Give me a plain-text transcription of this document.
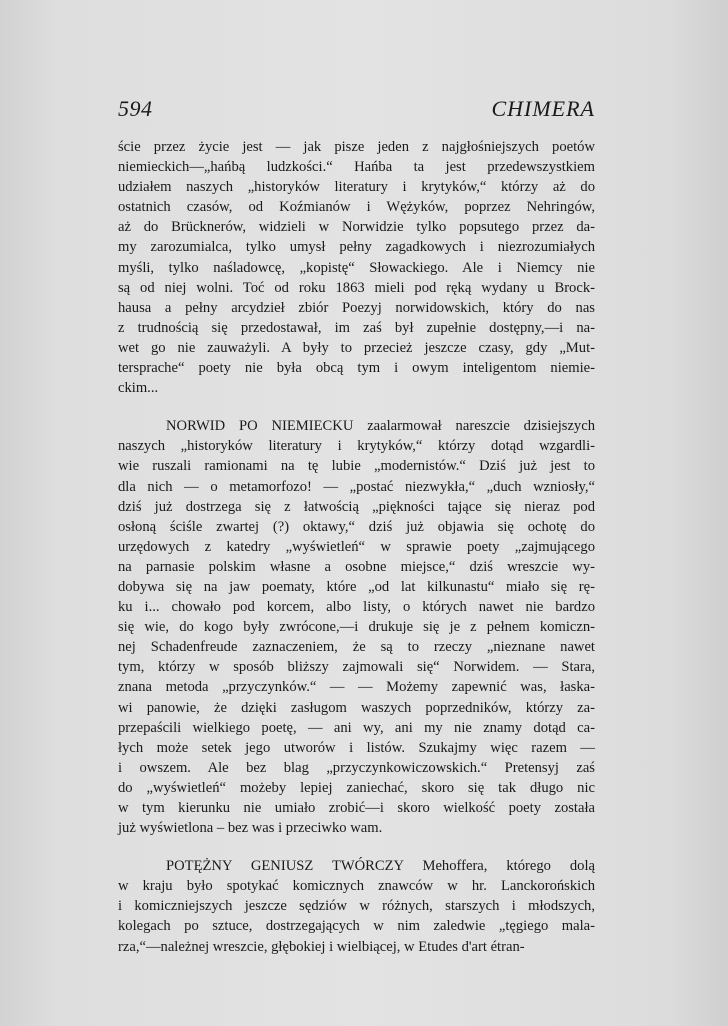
594	CHIMERA
ście przez życie jest — jak pisze jeden z najgłośniejszych poetów
niemieckich—„hańbą ludzkości.“ Hańba ta jest przedewszystkiem
udziałem naszych „historyków literatury i krytyków,“ którzy aż do
ostatnich czasów, od Koźmianów i Wężyków, poprzez Nehringów,
aż do Brücknerów, widzieli w Norwidzie tylko popsutego przez da-
my zarozumialca, tylko umysł pełny zagadkowych i niezrozumiałych
myśli, tylko naśladowcę, „kopistę“ Słowackiego. Ale i Niemcy nie
są od niej wolni. Toć od roku 1863 mieli pod ręką wydany u Brock-
hausa a pełny arcydzieł zbiór Poezyj norwidowskich, który do nas
z trudnością się przedostawał, im zaś był zupełnie dostępny,—i na-
wet go nie zauważyli. A były to przecież jeszcze czasy, gdy „Mut-
tersprache“ poety nie była obcą tym i owym inteligentom niemie-
ckim...
NORWID PO NIEMIECKU zaalarmował nareszcie dzisiejszych
naszych „historyków literatury i krytyków,“ którzy dotąd wzgardli-
wie ruszali ramionami na tę lubie „modernistów.“ Dziś już jest to
dla nich — o metamorfozo! — „postać niezwykła,“ „duch wzniosły,“
dziś już dostrzega się z łatwością „piękności tające się nieraz pod
osłoną ściśle zwartej (?) oktawy,“ dziś już objawia się ochotę do
urzędowych z katedry „wyświetleń“ w sprawie poety „zajmującego
na parnasie polskim własne a osobne miejsce,“ dziś wreszcie wy-
dobywa się na jaw poematy, które „od lat kilkunastu“ miało się rę-
ku i... chowało pod korcem, albo listy, o których nawet nie bardzo
się wie, do kogo były zwrócone,—i drukuje się je z pełnem komiczn-
nej Schadenfreude zaznaczeniem, że są to rzeczy „nieznane nawet
tym, którzy w sposób bliższy zajmowali się“ Norwidem. — Stara,
znana metoda „przyczynków.“ — — Możemy zapewnić was, łaska-
wi panowie, że dzięki zasługom waszych poprzedników, którzy za-
przepaścili wielkiego poetę, — ani wy, ani my nie znamy dotąd ca-
łych może setek jego utworów i listów. Szukajmy więc razem —
i owszem. Ale bez blag „przyczynkowiczowskich.“ Pretensyj zaś
do „wyświetleń“ możeby lepiej zaniechać, skoro się tak długo nic
w tym kierunku nie umiało zrobić—i skoro wielkość poety została
już wyświetlona – bez was i przeciwko wam.
POTĘŻNY GENIUSZ TWÓRCZY Mehoffera, którego dolą
w kraju było spotykać komicznych znawców w hr. Lanckorońskich
i komiczniejszych jeszcze sędziów w różnych, starszych i młodszych,
kolegach po sztuce, dostrzegających w nim zaledwie „tęgiego mala-
rza,“—należnej wreszcie, głębokiej i wielbiącej, w Etudes d'art étran-
